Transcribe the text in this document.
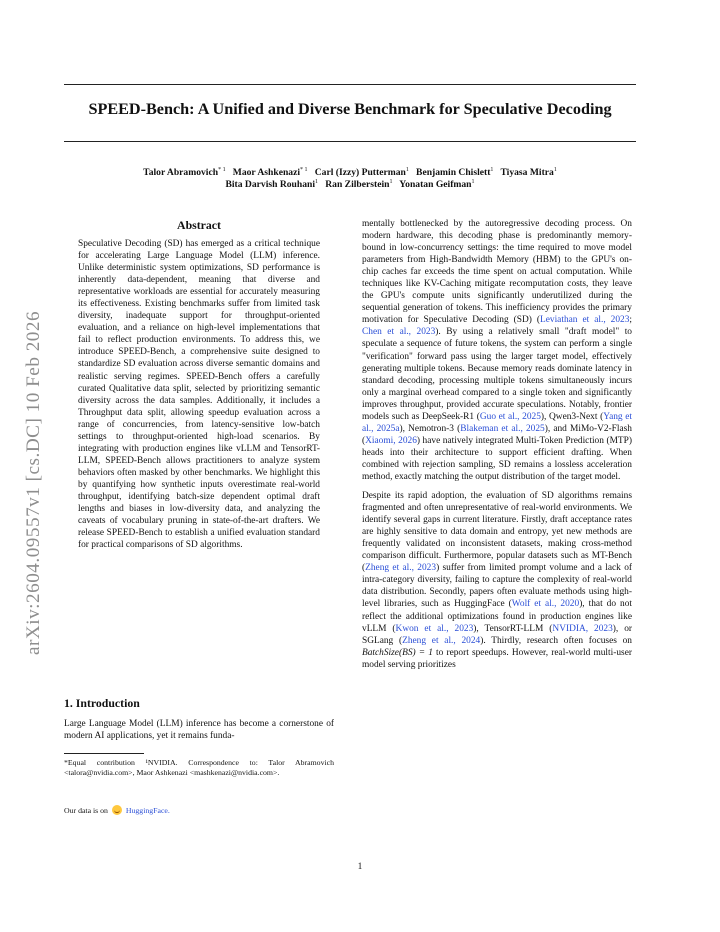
SPEED-Bench: A Unified and Diverse Benchmark for Speculative Decoding
Talor Abramovich$^{* 1}$ Maor Ashkenazi$^{* 1}$ Carl (Izzy) Putterman$^1$ Benjamin Chislett$^1$ Tiyasa Mitra$^1$
Bita Darvish Rouhani$^1$ Ran Zilberstein$^1$ Yonatan Geifman$^1$
arXiv:2604.09557v1 [cs.DC] 10 Feb 2026
Abstract
Speculative Decoding (SD) has emerged as a critical technique for accelerating Large Language Model (LLM) inference. Unlike deterministic system optimizations, SD performance is inherently data-dependent, meaning that diverse and representative workloads are essential for accurately measuring its effectiveness. Existing benchmarks suffer from limited task diversity, inadequate support for throughput-oriented evaluation, and a reliance on high-level implementations that fail to reflect production environments. To address this, we introduce SPEED-Bench, a comprehensive suite designed to standardize SD evaluation across diverse semantic domains and realistic serving regimes. SPEED-Bench offers a carefully curated Qualitative data split, selected by prioritizing semantic diversity across the data samples. Additionally, it includes a Throughput data split, allowing speedup evaluation across a range of concurrencies, from latency-sensitive low-batch settings to throughput-oriented high-load scenarios. By integrating with production engines like vLLM and TensorRT-LLM, SPEED-Bench allows practitioners to analyze system behaviors often masked by other benchmarks. We highlight this by quantifying how synthetic inputs overestimate real-world throughput, identifying batch-size dependent optimal draft lengths and biases in low-diversity data, and analyzing the caveats of vocabulary pruning in state-of-the-art drafters. We release SPEED-Bench to establish a unified evaluation standard for practical comparisons of SD algorithms.
1. Introduction
Large Language Model (LLM) inference has become a cornerstone of modern AI applications, yet it remains funda-
*Equal contribution ¹NVIDIA. Correspondence to: Talor Abramovich <talora@nvidia.com>, Maor Ashkenazi <mashkenazi@nvidia.com>.
Our data is on HuggingFace.

mentally bottlenecked by the autoregressive decoding process. On modern hardware, this decoding phase is predominantly memory-bound in low-concurrency settings: the time required to move model parameters from High-Bandwidth Memory (HBM) to the GPU's on-chip caches far exceeds the time spent on actual computation. While techniques like KV-Caching mitigate recomputation costs, they leave the GPU's compute units significantly underutilized during the sequential generation of tokens. This inefficiency provides the primary motivation for Speculative Decoding (SD) (Leviathan et al., 2023; Chen et al., 2023). By using a relatively small "draft model" to speculate a sequence of future tokens, the system can perform a single "verification" forward pass using the larger target model, effectively generating multiple tokens. Because memory reads dominate latency in standard decoding, processing multiple tokens simultaneously incurs only a marginal overhead compared to a single token and significantly improves throughput, provided accurate speculations. Notably, frontier models such as DeepSeek-R1 (Guo et al., 2025), Qwen3-Next (Yang et al., 2025a), Nemotron-3 (Blakeman et al., 2025), and MiMo-V2-Flash (Xiaomi, 2026) have natively integrated Multi-Token Prediction (MTP) heads into their architecture to support efficient drafting. When combined with rejection sampling, SD remains a lossless acceleration method, exactly matching the output distribution of the target model.

Despite its rapid adoption, the evaluation of SD algorithms remains fragmented and often unrepresentative of real-world environments. We identify several gaps in current literature. Firstly, draft acceptance rates are highly sensitive to data domain and entropy, yet new methods are frequently validated on inconsistent datasets, making cross-method comparison difficult. Furthermore, popular datasets such as MT-Bench (Zheng et al., 2023) suffer from limited prompt volume and a lack of intra-category diversity, failing to capture the complexity of real-world data distribution. Secondly, papers often evaluate methods using high-level libraries, such as HuggingFace (Wolf et al., 2020), that do not reflect the additional optimizations found in production engines like vLLM (Kwon et al., 2023), TensorRT-LLM (NVIDIA, 2023), or SGLang (Zheng et al., 2024). Thirdly, research often focuses on BatchSize(BS) = 1 to report speedups. However, real-world multi-user model serving prioritizes

1
